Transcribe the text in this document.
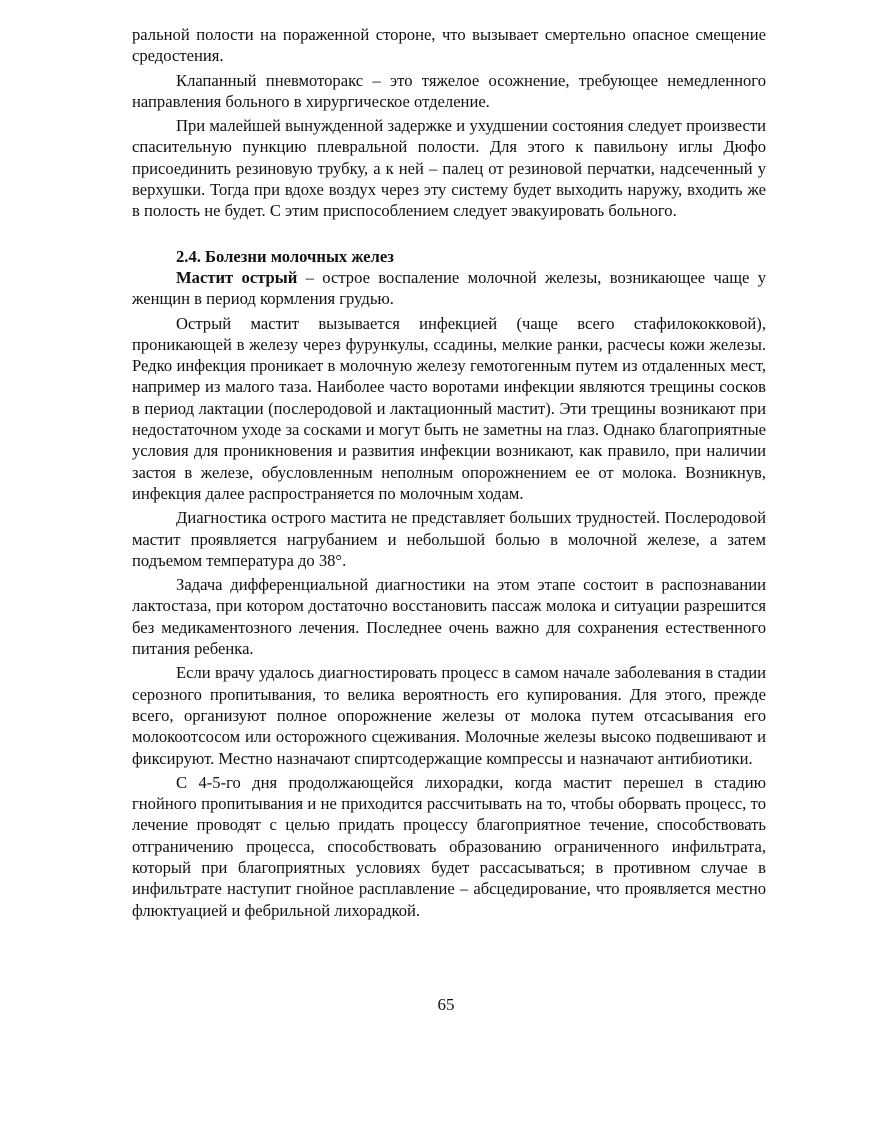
ральной полости на пораженной стороне, что вызывает смертельно опасное смещение средостения.

Клапанный пневмоторакс – это тяжелое осожнение, требующее немедленного направления больного в хирургическое отделение.

При малейшей вынужденной задержке и ухудшении состояния следует произвести спасительную пункцию плевральной полости. Для этого к павильону иглы Дюфо присоединить резиновую трубку, а к ней – палец от резиновой перчатки, надсеченный у верхушки. Тогда при вдохе воздух через эту систему будет выходить наружу, входить же в полость не будет. С этим приспособлением следует эвакуировать больного.

2.4. Болезни молочных желез

Мастит острый – острое воспаление молочной железы, возникающее чаще у женщин в период кормления грудью.

Острый мастит вызывается инфекцией (чаще всего стафилококковой), проникающей в железу через фурункулы, ссадины, мелкие ранки, расчесы кожи железы. Редко инфекция проникает в молочную железу гемотогенным путем из отдаленных мест, например из малого таза. Наиболее часто воротами инфекции являются трещины сосков в период лактации (послеродовой и лактационный мастит). Эти трещины возникают при недостаточном уходе за сосками и могут быть не заметны на глаз. Однако благоприятные условия для проникновения и развития инфекции возникают, как правило, при наличии застоя в железе, обусловленным неполным опорожнением ее от молока. Возникнув, инфекция далее распространяется по молочным ходам.

Диагностика острого мастита не представляет больших трудностей. Послеродовой мастит проявляется нагрубанием и небольшой болью в молочной железе, а затем подъемом температура до 38°.

Задача дифференциальной диагностики на этом этапе состоит в распознавании лактостаза, при котором достаточно восстановить пассаж молока и ситуации разрешится без медикаментозного лечения. Последнее очень важно для сохранения естественного питания ребенка.

Если врачу удалось диагностировать процесс в самом начале заболевания в стадии серозного пропитывания, то велика вероятность его купирования. Для этого, прежде всего, организуют полное опорожнение железы от молока путем отсасывания его молокоотсосом или осторожного сцеживания. Молочные железы высоко подвешивают и фиксируют. Местно назначают спиртсодержащие компрессы и назначают антибиотики.

С 4-5-го дня продолжающейся лихорадки, когда мастит перешел в стадию гнойного пропитывания и не приходится рассчитывать на то, чтобы оборвать процесс, то лечение проводят с целью придать процессу благоприятное течение, способствовать отграничению процесса, способствовать образованию ограниченного инфильтрата, который при благоприятных условиях будет рассасываться; в противном случае в инфильтрате наступит гнойное расплавление – абсцедирование, что проявляется местно флюктуацией и фебрильной лихорадкой.

65
